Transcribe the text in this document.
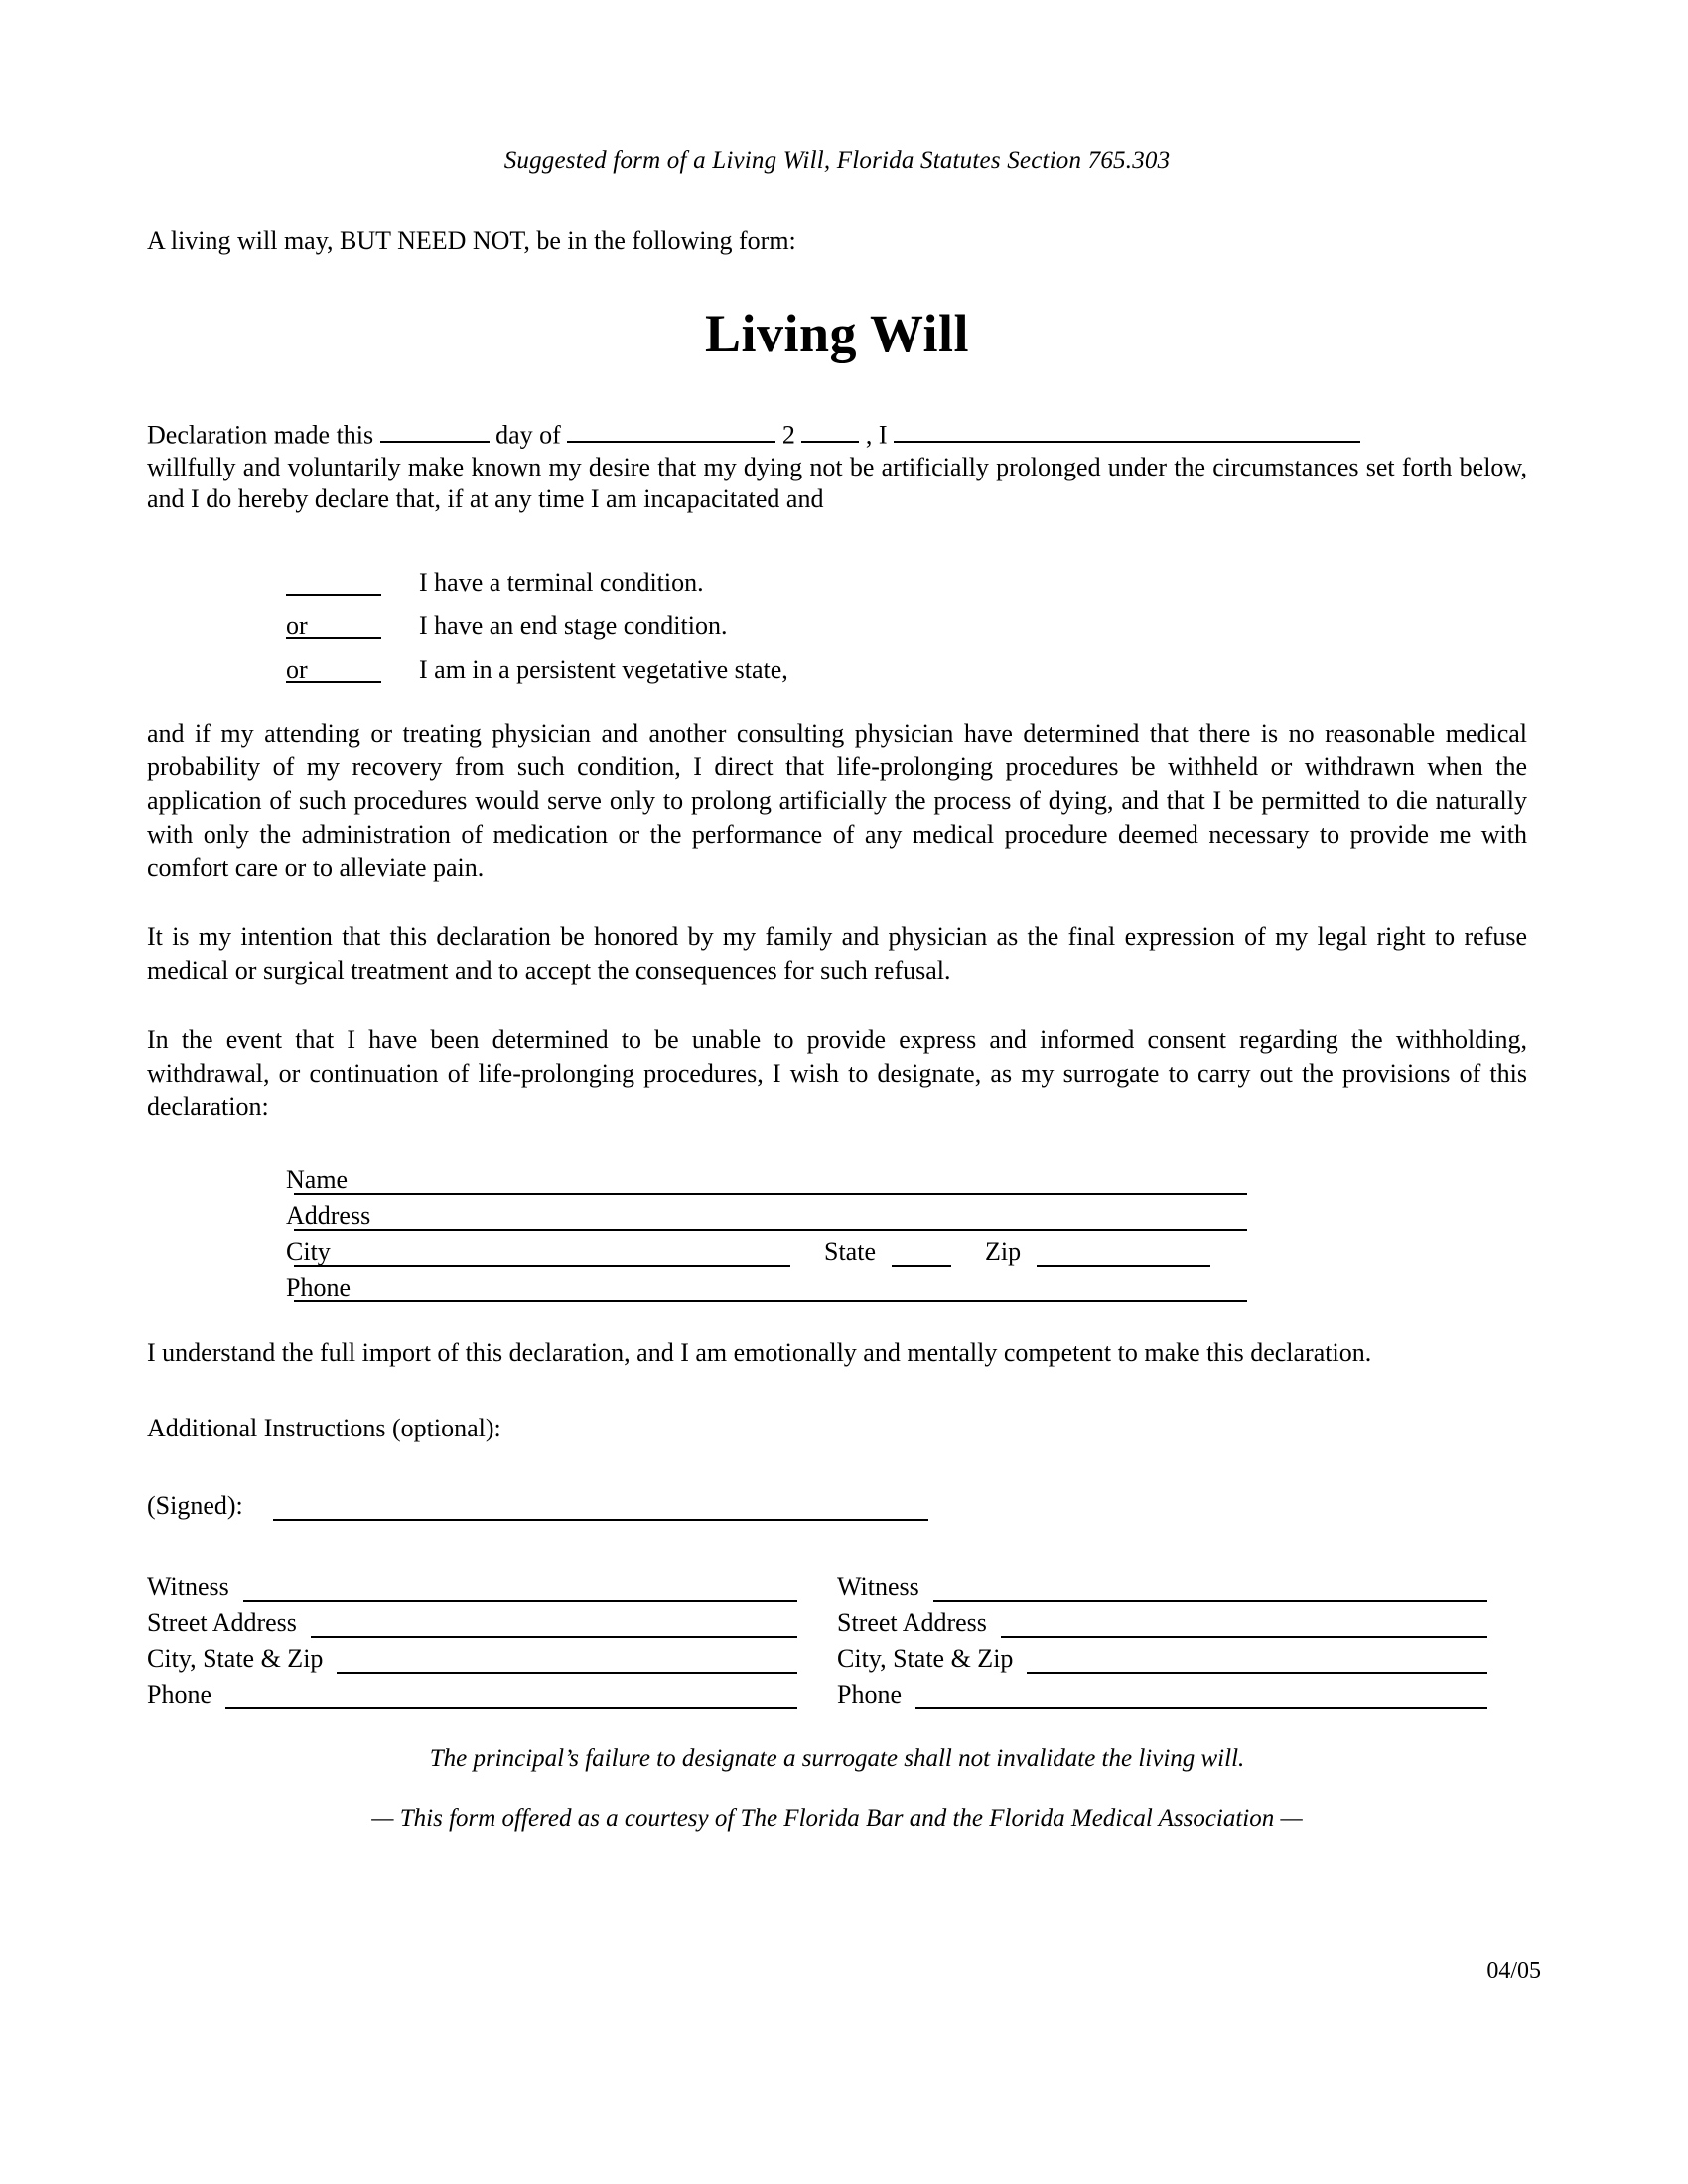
Suggested form of a Living Will, Florida Statutes Section 765.303
A living will may, BUT NEED NOT, be in the following form:
Living Will
Declaration made this	day of	2	, I
willfully and voluntarily make known my desire that my dying not be artificially prolonged under the circumstances set forth below, and I do hereby declare that, if at any time I am incapacitated and
I have a terminal condition.
or	I have an end stage condition.
or	I am in a persistent vegetative state,
and if my attending or treating physician and another consulting physician have determined that there is no reasonable medical probability of my recovery from such condition, I direct that life-prolonging procedures be withheld or withdrawn when the application of such procedures would serve only to prolong artificially the process of dying, and that I be permitted to die naturally with only the administration of medication or the performance of any medical procedure deemed necessary to provide me with comfort care or to alleviate pain.
It is my intention that this declaration be honored by my family and physician as the final expression of my legal right to refuse medical or surgical treatment and to accept the consequences for such refusal.
In the event that I have been determined to be unable to provide express and informed consent regarding the withholding, withdrawal, or continuation of life-prolonging procedures, I wish to designate, as my surrogate to carry out the provisions of this declaration:
Name
Address
City	State	Zip
Phone
I understand the full import of this declaration, and I am emotionally and mentally competent to make this declaration.
Additional Instructions (optional):
(Signed):
Witness
Street Address
City, State & Zip
Phone
Witness
Street Address
City, State & Zip
Phone
The principal’s failure to designate a surrogate shall not invalidate the living will.
— This form offered as a courtesy of The Florida Bar and the Florida Medical Association —
04/05
